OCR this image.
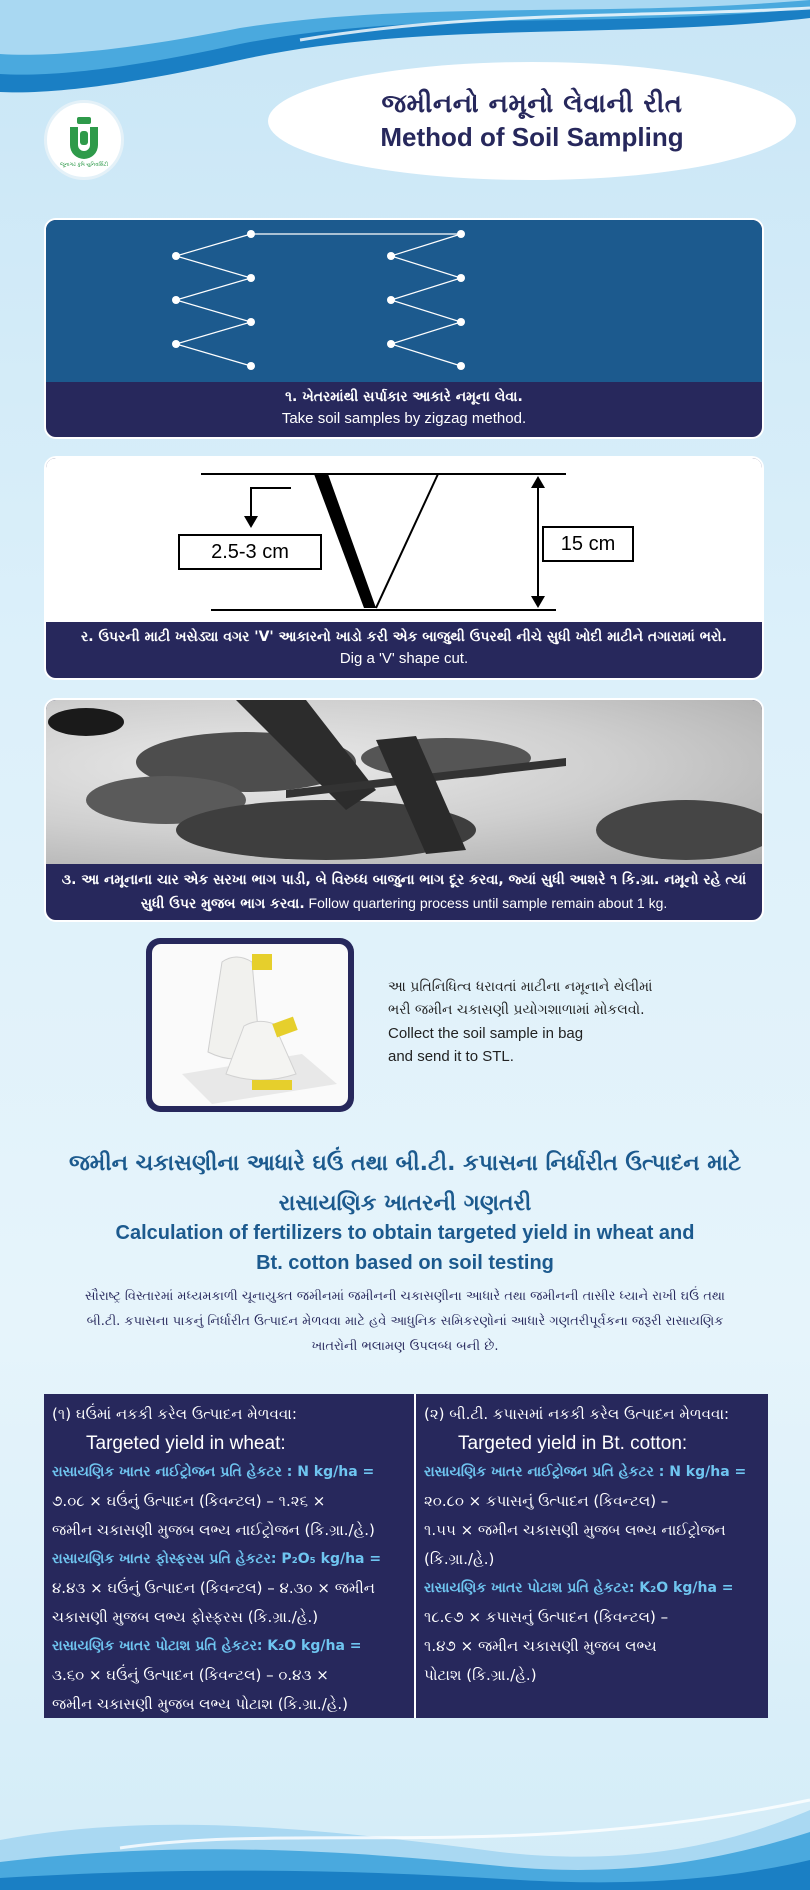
જૂનાગઢ કૃષિ યુનિવર્સિટી
જમીનનો નમૂનો લેવાની રીત
Method of Soil Sampling
૧. ખેતરમાંથી સર્પાકાર આકારે નમૂના લેવા.
Take soil samples by zigzag method.
2.5-3 cm	15 cm
ર. ઉપરની માટી ખસેડ્યા વગર 'V' આકારનો ખાડો કરી એક બાજુથી ઉપરથી નીચે સુધી ખોદી માટીને તગારામાં ભરો.
Dig a 'V' shape cut.
૩. આ નમૂનાના ચાર એક સરખા ભાગ પાડી, બે વિરુધ્ધ બાજુના ભાગ દૂર કરવા, જ્યાં સુધી આશરે ૧ કિ.ગ્રા. નમૂનો રહે ત્યાં સુધી ઉપર મુજબ ભાગ કરવા. Follow quartering process until sample remain about 1 kg.
આ પ્રતિનિધિત્વ ધરાવતાં માટીના નમૂનાને થેલીમાં
ભરી જમીન ચકાસણી પ્રયોગશાળામાં મોકલવો.
Collect the soil sample in bag
and send it to STL.
જમીન ચકાસણીના આધારે ઘઉં તથા બી.ટી. કપાસના નિર્ધારીત ઉત્પાદન માટે
રાસાયણિક ખાતરની ગણતરી
Calculation of fertilizers to obtain targeted yield in wheat and
Bt. cotton based on soil testing
સૌરાષ્ટ્ર વિસ્તારમાં મધ્યમકાળી ચૂનાયુક્ત જમીનમાં જમીનની ચકાસણીના આધારે તથા જમીનની તાસીર ધ્યાને રાખી ઘઉં તથા
બી.ટી. કપાસના પાકનું નિર્ધારીત ઉત્પાદન મેળવવા માટે હવે આધુનિક સમિકરણોનાં આધારે ગણતરીપૂર્વકના જરૂરી રાસાયણિક
ખાતરોની ભલામણ ઉપલબ્ધ બની છે.
(૧) ઘઉંમાં નકકી કરેલ ઉત્પાદન મેળવવા:
Targeted yield in wheat:
રાસાયણિક ખાતર નાઈટ્રોજન પ્રતિ હેકટર : N kg/ha =
૭.૦૮ × ઘઉંનું ઉત્પાદન (કિવન્ટલ) – ૧.૨૬ ×
જમીન ચકાસણી મુજબ લભ્ય નાઈટ્રોજન (કિ.ગ્રા./હે.)
રાસાયણિક ખાતર ફોસ્ફરસ પ્રતિ હેકટર: P₂O₅ kg/ha =
૪.૪૩ × ઘઉંનું ઉત્પાદન (કિવન્ટલ) – ૪.૩૦ × જમીન
ચકાસણી મુજબ લભ્ય ફોસ્ફરસ (કિ.ગ્રા./હે.)
રાસાયણિક ખાતર પોટાશ પ્રતિ હેકટર: K₂O kg/ha =
૩.૬૦ × ઘઉંનું ઉત્પાદન (કિવન્ટલ) – ૦.૪૩ ×
જમીન ચકાસણી મુજબ લભ્ય પોટાશ (કિ.ગ્રા./હે.)
(૨) બી.ટી. કપાસમાં નકકી કરેલ ઉત્પાદન મેળવવા:
Targeted yield in Bt. cotton:
રાસાયણિક ખાતર નાઈટ્રોજન પ્રતિ હેકટર : N kg/ha =
૨૦.૮૦ × કપાસનું ઉત્પાદન (કિવન્ટલ) –
૧.૫૫ × જમીન ચકાસણી મુજબ લભ્ય નાઈટ્રોજન
(કિ.ગ્રા./હે.)
રાસાયણિક ખાતર પોટાશ પ્રતિ હેકટર: K₂O kg/ha =
૧૮.૯૭ × કપાસનું ઉત્પાદન (કિવન્ટલ) –
૧.૪૭ × જમીન ચકાસણી મુજબ લભ્ય
પોટાશ (કિ.ગ્રા./હે.)
